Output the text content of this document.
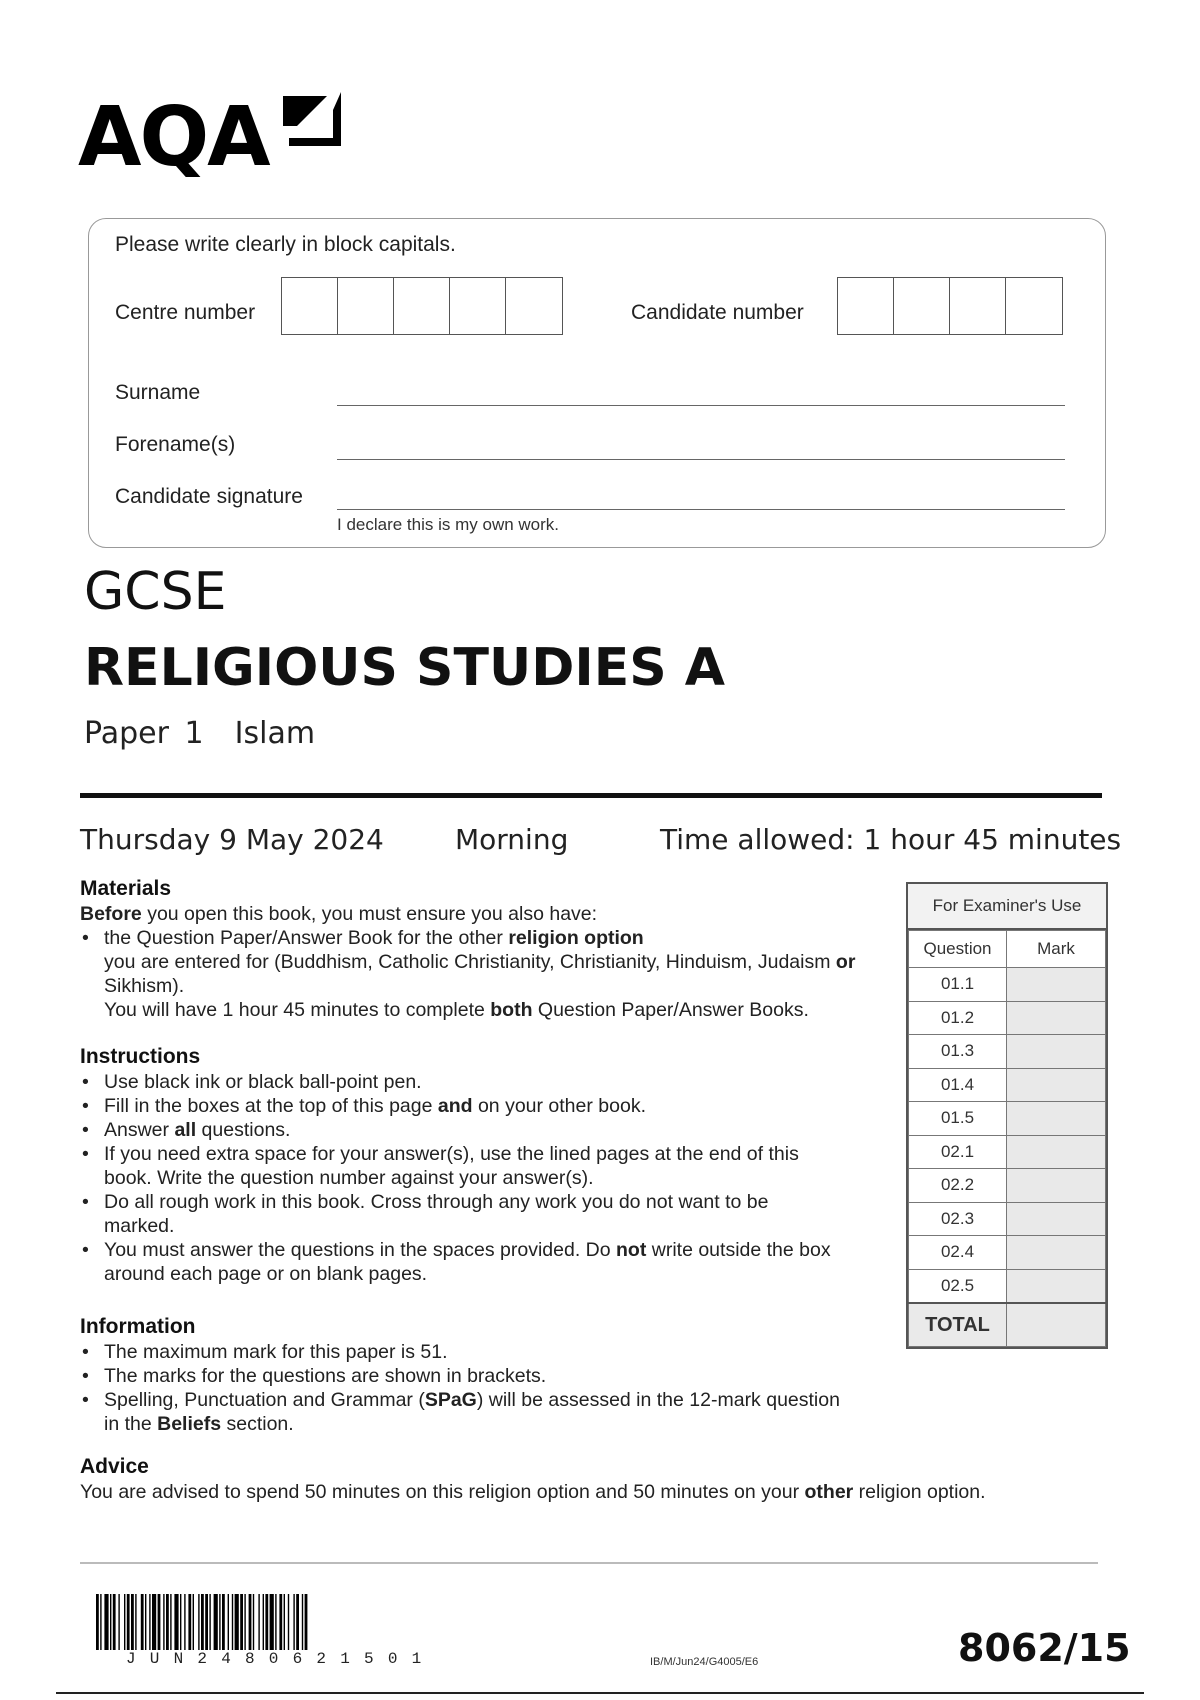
AQA
Please write clearly in block capitals.
Centre number	Candidate number
Surname
Forename(s)
Candidate signature
I declare this is my own work.
GCSE
RELIGIOUS STUDIES A
Paper 1  Islam
Thursday 9 May 2024	Morning	Time allowed: 1 hour 45 minutes
Materials

Before you open this book, you must ensure you also have:

• the Question Paper/Answer Book for the other religion option
you are entered for (Buddhism, Catholic Christianity, Christianity, Hinduism, Judaism or Sikhism).

You will have 1 hour 45 minutes to complete both Question Paper/Answer Books.

Instructions
• Use black ink or black ball-point pen.
• Fill in the boxes at the top of this page and on your other book.
• Answer all questions.
• If you need extra space for your answer(s), use the lined pages at the end of this book. Write the question number against your answer(s).
• Do all rough work in this book. Cross through any work you do not want to be marked.
• You must answer the questions in the spaces provided. Do not write outside the box around each page or on blank pages.
Information
• The maximum mark for this paper is 51.
• The marks for the questions are shown in brackets.
• Spelling, Punctuation and Grammar (SPaG) will be assessed in the 12-mark question in the Beliefs section.
Advice

You are advised to spend 50 minutes on this religion option and 50 minutes on your other religion option.

For Examiner's Use
Question	Mark
01.1	
01.2	
01.3	
01.4	
01.5	
02.1	
02.2	
02.3	
02.4	
02.5	
TOTAL	
JUN2480621501	IB/M/Jun24/G4005/E6	8062/15
